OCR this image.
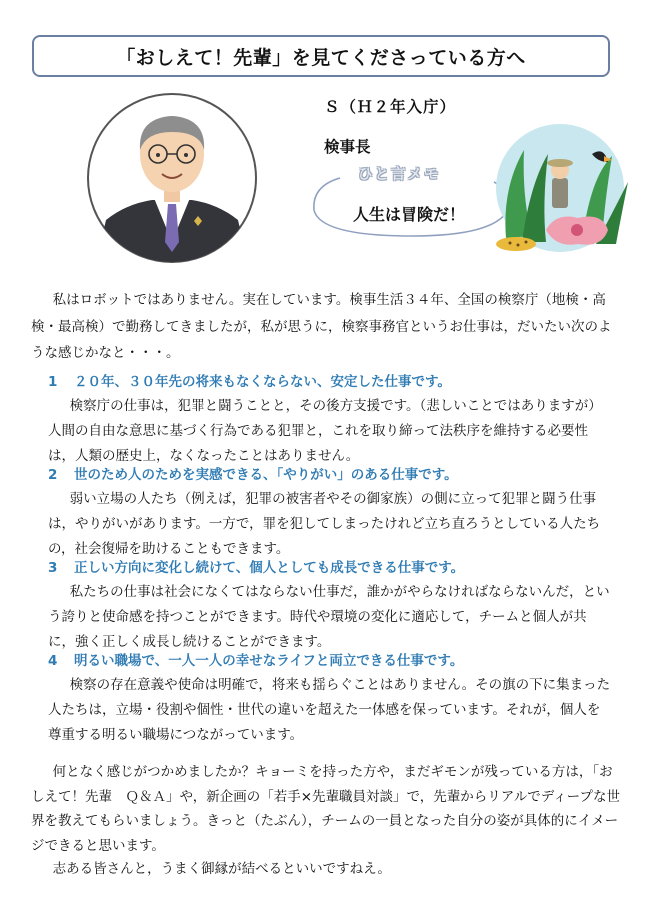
「おしえて！先輩」を見てくださっている方へ
Ｓ（Ｈ２年入庁）
検事長
ひと言メモ
人生は冒険だ！

私はロボットではありません。実在しています。検事生活３４年、全国の検察庁（地検・高検・最高検）で勤務してきましたが，私が思うに，検察事務官というお仕事は，だいたい次のような感じかなと・・・。

1 ２０年、３０年先の将来もなくならない、安定した仕事です。

検察庁の仕事は，犯罪と闘うことと，その後方支援です。（悲しいことではありますが）人間の自由な意思に基づく行為である犯罪と，これを取り締って法秩序を維持する必要性は，人類の歴史上，なくなったことはありません。

2 世のため人のためを実感できる、「やりがい」のある仕事です。

弱い立場の人たち（例えば，犯罪の被害者やその御家族）の側に立って犯罪と闘う仕事は，やりがいがあります。一方で，罪を犯してしまったけれど立ち直ろうとしている人たちの，社会復帰を助けることもできます。

3 正しい方向に変化し続けて、個人としても成長できる仕事です。

私たちの仕事は社会になくてはならない仕事だ，誰かがやらなければならないんだ，という誇りと使命感を持つことができます。時代や環境の変化に適応して，チームと個人が共に，強く正しく成長し続けることができます。

4 明るい職場で、一人一人の幸せなライフと両立できる仕事です。

検察の存在意義や使命は明確で，将来も揺らぐことはありません。その旗の下に集まった人たちは，立場・役割や個性・世代の違いを超えた一体感を保っています。それが，個人を尊重する明るい職場につながっています。

何となく感じがつかめましたか？キョーミを持った方や，まだギモンが残っている方は，「おしえて！先輩　Ｑ＆Ａ」や，新企画の「若手×先輩職員対談」で，先輩からリアルでディープな世界を教えてもらいましょう。きっと（たぶん），チームの一員となった自分の姿が具体的にイメージできると思います。

志ある皆さんと，うまく御縁が結べるといいですねえ。
